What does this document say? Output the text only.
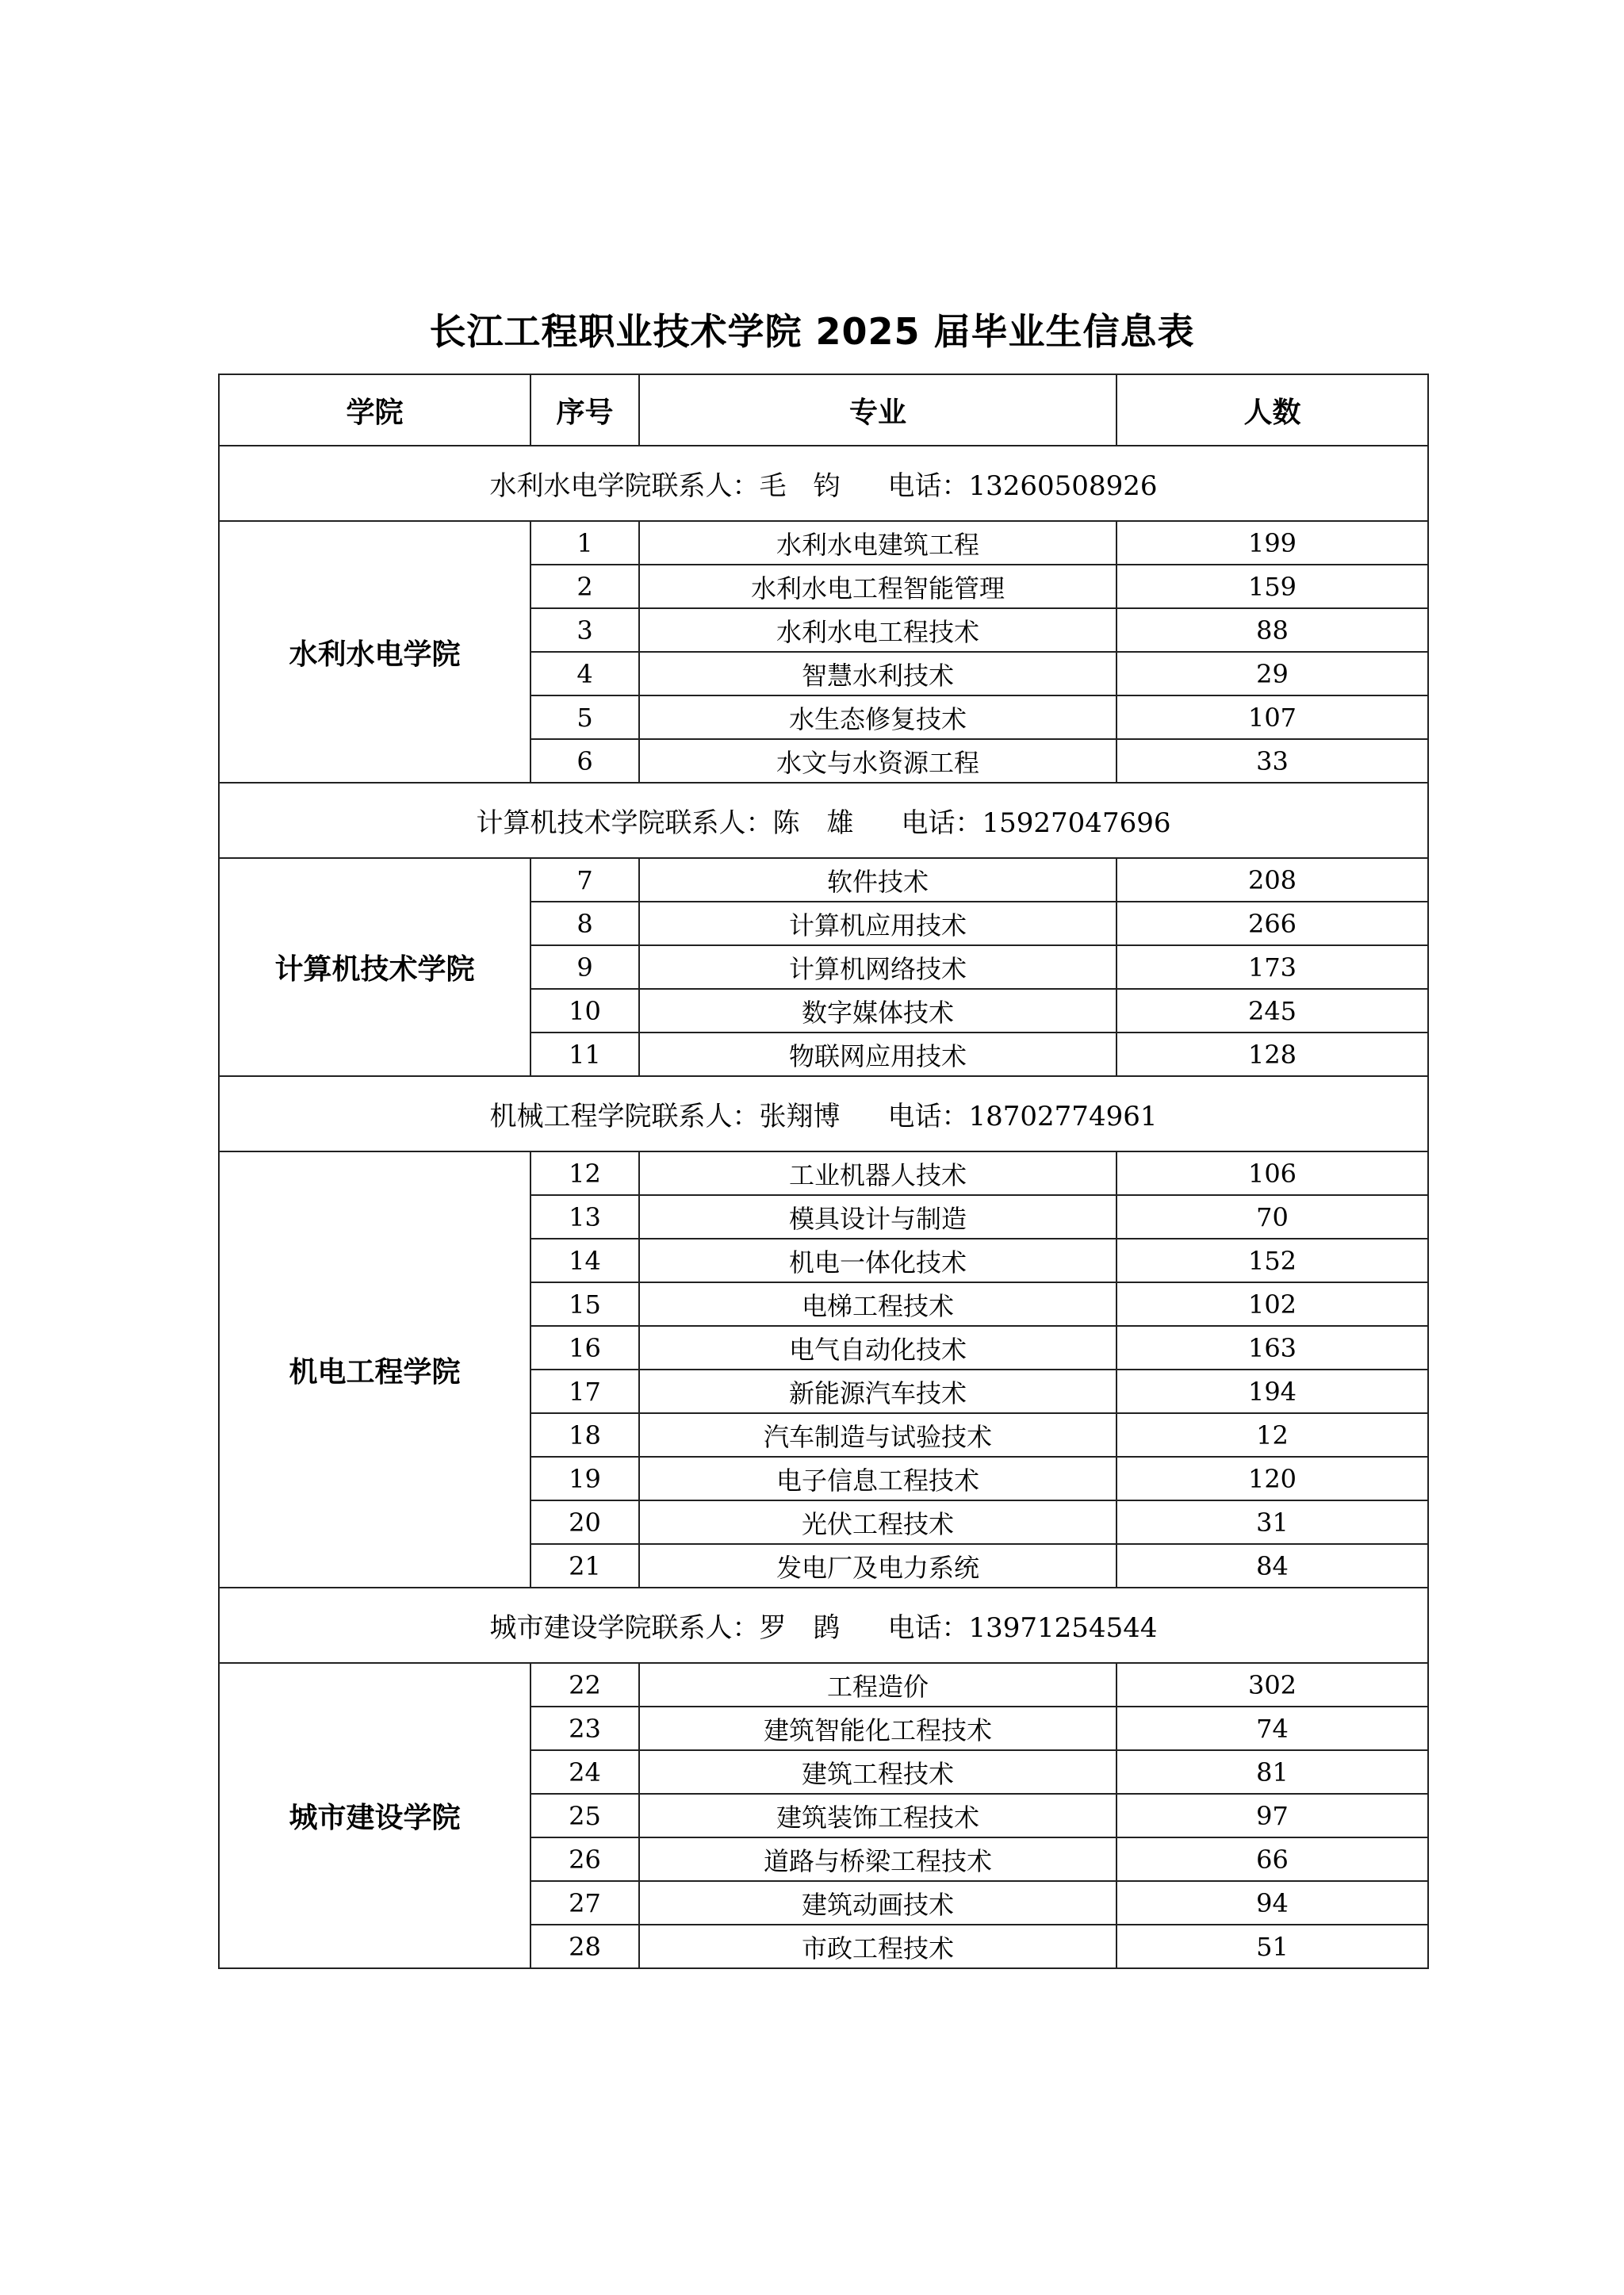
长江工程职业技术学院 2025 届毕业生信息表
学院	序号	专业	人数
水利水电学院联系人：毛　钧 电话：13260508926			
水利水电学院	1	水利水电建筑工程	199
	2	水利水电工程智能管理	159
	3	水利水电工程技术	88
	4	智慧水利技术	29
	5	水生态修复技术	107
	6	水文与水资源工程	33
计算机技术学院联系人：陈　雄 电话：15927047696			
计算机技术学院	7	软件技术	208
	8	计算机应用技术	266
	9	计算机网络技术	173
	10	数字媒体技术	245
	11	物联网应用技术	128
机械工程学院联系人：张翔博 电话：18702774961			
机电工程学院	12	工业机器人技术	106
	13	模具设计与制造	70
	14	机电一体化技术	152
	15	电梯工程技术	102
	16	电气自动化技术	163
	17	新能源汽车技术	194
	18	汽车制造与试验技术	12
	19	电子信息工程技术	120
	20	光伏工程技术	31
	21	发电厂及电力系统	84
城市建设学院联系人：罗　鹍 电话：13971254544			
城市建设学院	22	工程造价	302
	23	建筑智能化工程技术	74
	24	建筑工程技术	81
	25	建筑装饰工程技术	97
	26	道路与桥梁工程技术	66
	27	建筑动画技术	94
	28	市政工程技术	51
